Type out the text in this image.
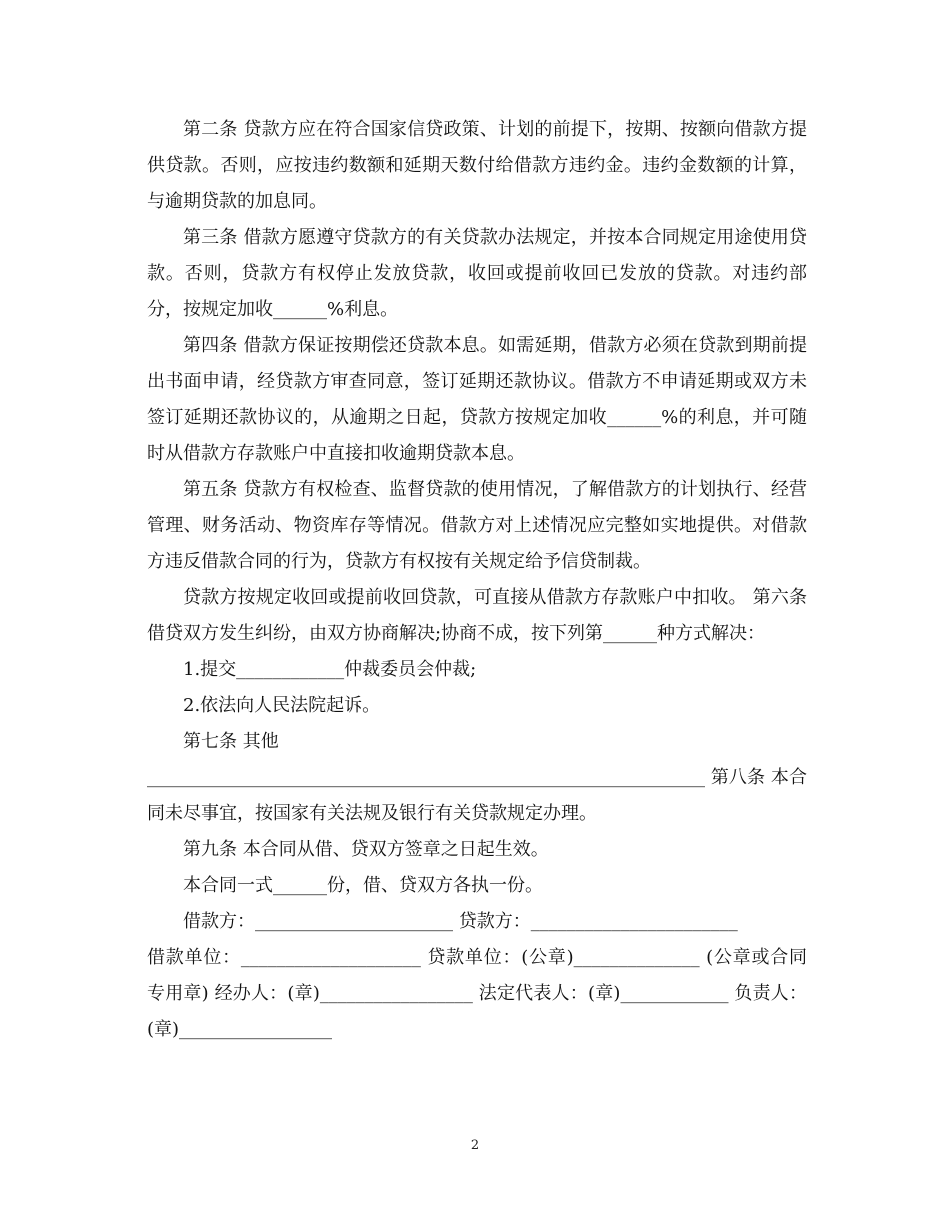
第二条 贷款方应在符合国家信贷政策、计划的前提下，按期、按额向借款方提供贷款。否则，应按违约数额和延期天数付给借款方违约金。违约金数额的计算，与逾期贷款的加息同。

第三条 借款方愿遵守贷款方的有关贷款办法规定，并按本合同规定用途使用贷款。否则，贷款方有权停止发放贷款，收回或提前收回已发放的贷款。对违约部分，按规定加收______%利息。

第四条 借款方保证按期偿还贷款本息。如需延期，借款方必须在贷款到期前提出书面申请，经贷款方审查同意，签订延期还款协议。借款方不申请延期或双方未签订延期还款协议的，从逾期之日起，贷款方按规定加收______%的利息，并可随时从借款方存款账户中直接扣收逾期贷款本息。

第五条 贷款方有权检查、监督贷款的使用情况，了解借款方的计划执行、经营管理、财务活动、物资库存等情况。借款方对上述情况应完整如实地提供。对借款方违反借款合同的行为，贷款方有权按有关规定给予信贷制裁。

贷款方按规定收回或提前收回贷款，可直接从借款方存款账户中扣收。 第六条 借贷双方发生纠纷，由双方协商解决;协商不成，按下列第______种方式解决：

1.提交____________仲裁委员会仲裁;

2.依法向人民法院起诉。

第七条 其他

______________________________________________________________ 第八条 本合同未尽事宜，按国家有关法规及银行有关贷款规定办理。

第九条 本合同从借、贷双方签章之日起生效。

本合同一式______份，借、贷双方各执一份。

借款方：______________________ 贷款方：_______________________

借款单位：____________________ 贷款单位：(公章)______________ (公章或合同专用章) 经办人：(章)_________________ 法定代表人：(章)____________ 负责人：(章)_________________

2
